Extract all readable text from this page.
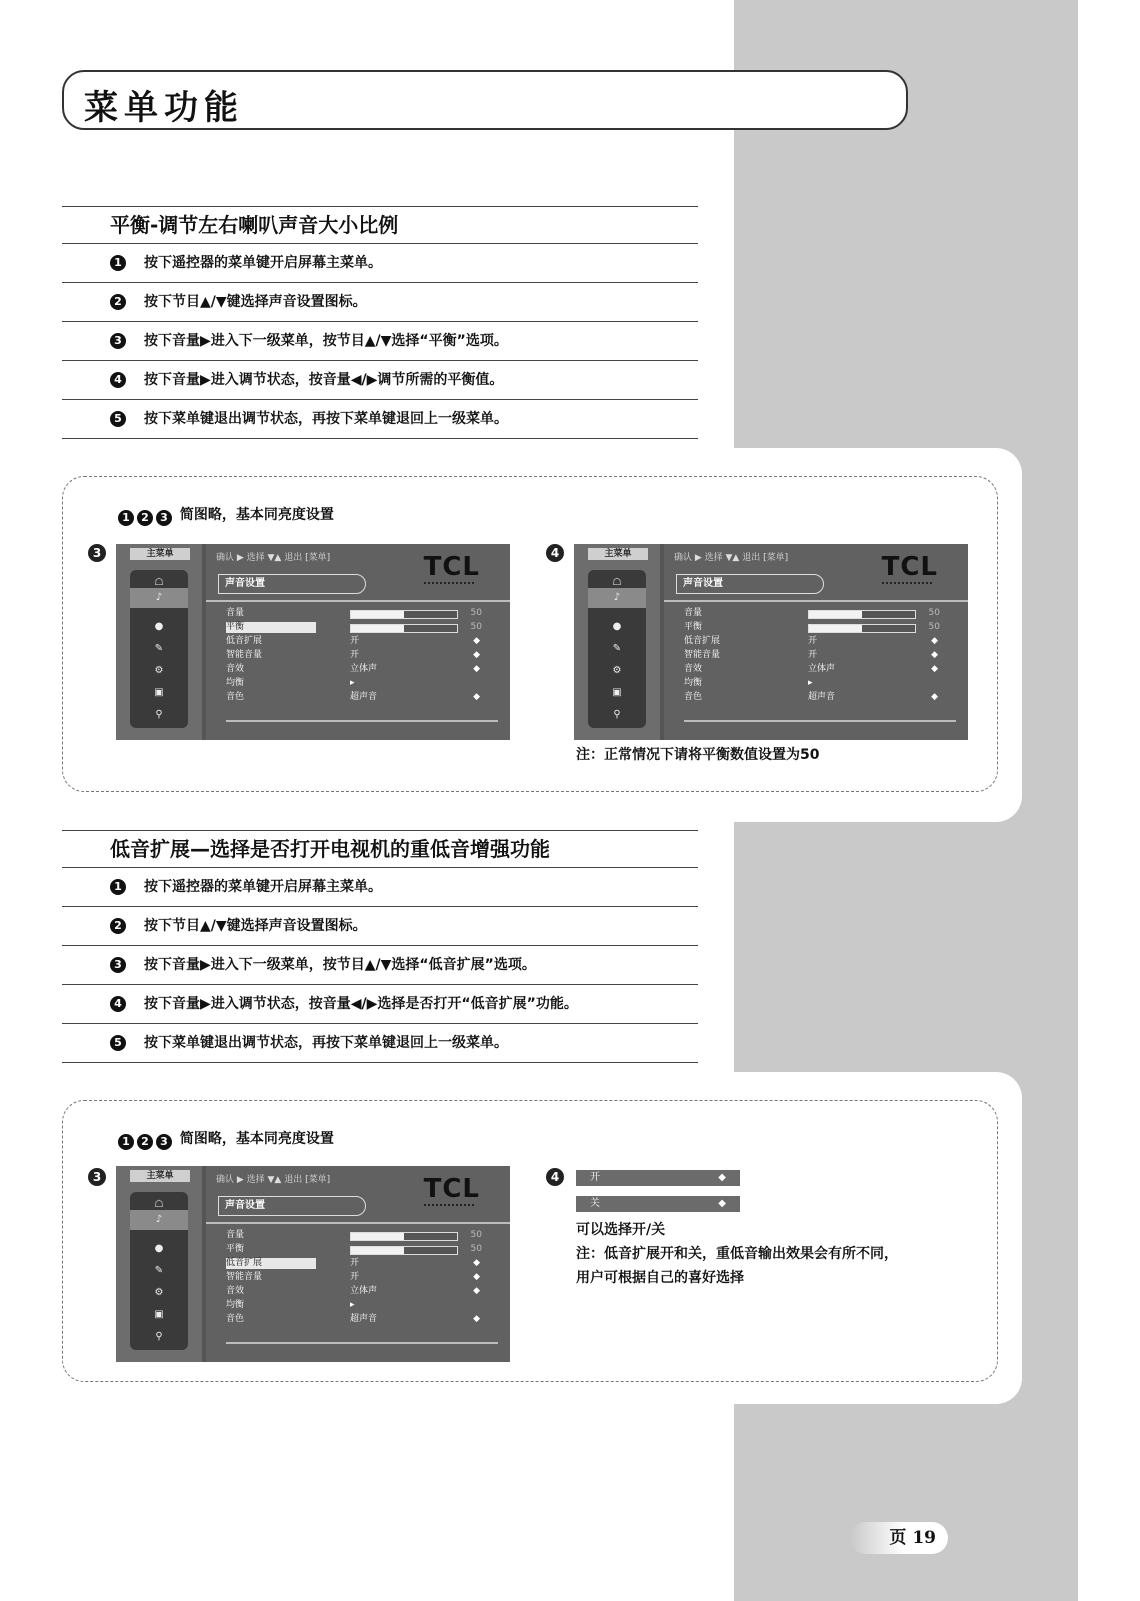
菜单功能
平衡-调节左右喇叭声音大小比例
1 按下遥控器的菜单键开启屏幕主菜单。
2 按下节目▲/▼键选择声音设置图标。
3 按下音量▶进入下一级菜单，按节目▲/▼选择“平衡”选项。
4 按下音量▶进入调节状态，按音量◀/▶调节所需的平衡值。
5 按下菜单键退出调节状态，再按下菜单键退回上一级菜单。
1 2 3 简图略，基本同亮度设置
3	4
主菜单
☖
♪
●
✎
⚙
▣
⚲
确认 ▶ 选择 ▼▲ 退出 [菜单]	TCL
声音设置
音量	50
平衡	50
低音扩展	开	◆
智能音量	开	◆
音效	立体声	◆
均衡	▸
音色	超声音	◆
主菜单
☖
♪
●
✎
⚙
▣
⚲
确认 ▶ 选择 ▼▲ 退出 [菜单]	TCL
声音设置
音量	50
平衡	50
低音扩展	开	◆
智能音量	开	◆
音效	立体声	◆
均衡	▸
音色	超声音	◆
注：正常情况下请将平衡数值设置为50
低音扩展—选择是否打开电视机的重低音增强功能
1 按下遥控器的菜单键开启屏幕主菜单。
2 按下节目▲/▼键选择声音设置图标。
3 按下音量▶进入下一级菜单，按节目▲/▼选择“低音扩展”选项。
4 按下音量▶进入调节状态，按音量◀/▶选择是否打开“低音扩展”功能。
5 按下菜单键退出调节状态，再按下菜单键退回上一级菜单。
1 2 3 简图略，基本同亮度设置
3	4
主菜单
☖
♪
●
✎
⚙
▣
⚲
确认 ▶ 选择 ▼▲ 退出 [菜单]	TCL
声音设置
音量	50
平衡	50
低音扩展	开	◆
智能音量	开	◆
音效	立体声	◆
均衡	▸
音色	超声音	◆
开	◆
关	◆
可以选择开/关
注：低音扩展开和关，重低音输出效果会有所不同，
用户可根据自己的喜好选择
页 19
